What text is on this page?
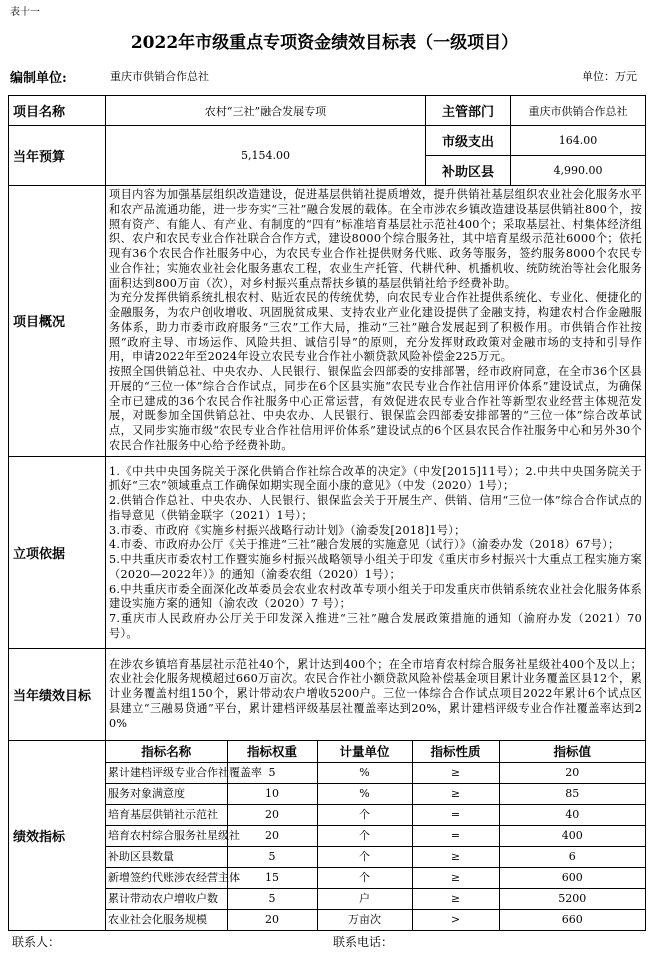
表十一
2022年市级重点专项资金绩效目标表（一级项目）
编制单位:	重庆市供销合作总社	单位：万元
项目名称	农村“三社”融合发展专项	主管部门	重庆市供销合作总社
当年预算	5,154.00	市级支出	164.00
补助区县	4,990.00
项目概况	

项目内容为加强基层组织改造建设，促进基层供销社提质增效，提升供销社基层组织农业社会化服务水平和农产品流通功能，进一步夯实“三社”融合发展的载体。在全市涉农乡镇改造建设基层供销社800个，按照有资产、有能人、有产业、有制度的“四有”标准培育基层社示范社400个；采取基层社、村集体经济组织、农户和农民专业合作社联合合作方式，建设8000个综合服务社，其中培育星级示范社6000个；依托现有36个农民合作社服务中心，为农民专业合作社提供财务代账、政务等服务，签约服务8000个农民专业合作社；实施农业社会化服务惠农工程，农业生产托管、代耕代种、机播机收、统防统治等社会化服务面积达到800万亩（次），对乡村振兴重点帮扶乡镇的基层供销社给予经费补助。

为充分发挥供销系统扎根农村、贴近农民的传统优势，向农民专业合作社提供系统化、专业化、便捷化的金融服务，为农户创收增收、巩固脱贫成果、支持农业产业化建设提供了金融支持，构建农村合作金融服务体系，助力市委市政府服务“三农”工作大局，推动“三社”融合发展起到了积极作用。市供销合作社按照“政府主导、市场运作、风险共担、诚信引导”的原则，充分发挥财政政策对金融市场的支持和引导作用，申请2022年至2024年设立农民专业合作社小额贷款风险补偿金225万元。

按照全国供销总社、中央农办、人民银行、银保监会四部委的安排部署，经市政府同意，在全市36个区县开展的“三位一体”综合合作试点，同步在6个区县实施“农民专业合作社信用评价体系”建设试点，为确保全市已建成的36个农民合作社服务中心正常运营，有效促进农民专业合作社等新型农业经营主体规范发展，对既参加全国供销总社、中央农办、人民银行、银保监会四部委安排部署的“三位一体”综合改革试点，又同步实施市级“农民专业合作社信用评价体系”建设试点的6个区县农民合作社服务中心和另外30个农民合作社服务中心给予经费补助。

立项依据	

1.《中共中央国务院关于深化供销合作社综合改革的决定》（中发[2015]11号）；2.中共中央国务院关于抓好“三农”领域重点工作确保如期实现全面小康的意见》（中发（2020）1号）；

2.供销合作总社、中央农办、人民银行、银保监会关于开展生产、供销、信用“三位一体”综合合作试点的指导意见（供销金联字（2021）1号）；

3.市委、市政府《实施乡村振兴战略行动计划》（渝委发[2018]1号）；

4.市委、市政府办公厅《关于推进“三社”融合发展的实施意见（试行）》（渝委办发（2018）67号）；

5.中共重庆市委农村工作暨实施乡村振兴战略领导小组关于印发《重庆市乡村振兴十大重点工程实施方案（2020—2022年）》的通知（渝委农组（2020）1号）；

6.中共重庆市委全面深化改革委员会农业农村改革专项小组关于印发重庆市供销系统农业社会化服务体系建设实施方案的通知（渝农改（2020）7 号）；

7.重庆市人民政府办公厅关于印发深入推进“三社”融合发展政策措施的通知（渝府办发（2021）70号）。

当年绩效目标	

在涉农乡镇培育基层社示范社40个，累计达到400个；在全市培育农村综合服务社星级社400个及以上；农业社会化服务规模超过660万亩次。农民合作社小额贷款风险补偿基金项目累计业务覆盖区县12个，累计业务覆盖村组150个，累计带动农户增收5200户。三位一体综合合作试点项目2022年累计6个试点区县建立“三融易贷通”平台，累计建档评级基层社覆盖率达到20%，累计建档评级专业合作社覆盖率达到20%

绩效指标	
指标名称	指标权重	计量单位	指标性质	指标值
累计建档评级专业合作社覆盖率	5	%	≥	20
服务对象满意度	10	%	≥	85
培育基层供销社示范社	20	个	=	40
培育农村综合服务社星级社	20	个	=	400
补助区县数量	5	个	≥	6
新增签约代账涉农经营主体	15	个	≥	600
累计带动农户增收户数	5	户	≥	5200
农业社会化服务规模	20	万亩次	>	660
联系人：	联系电话：
